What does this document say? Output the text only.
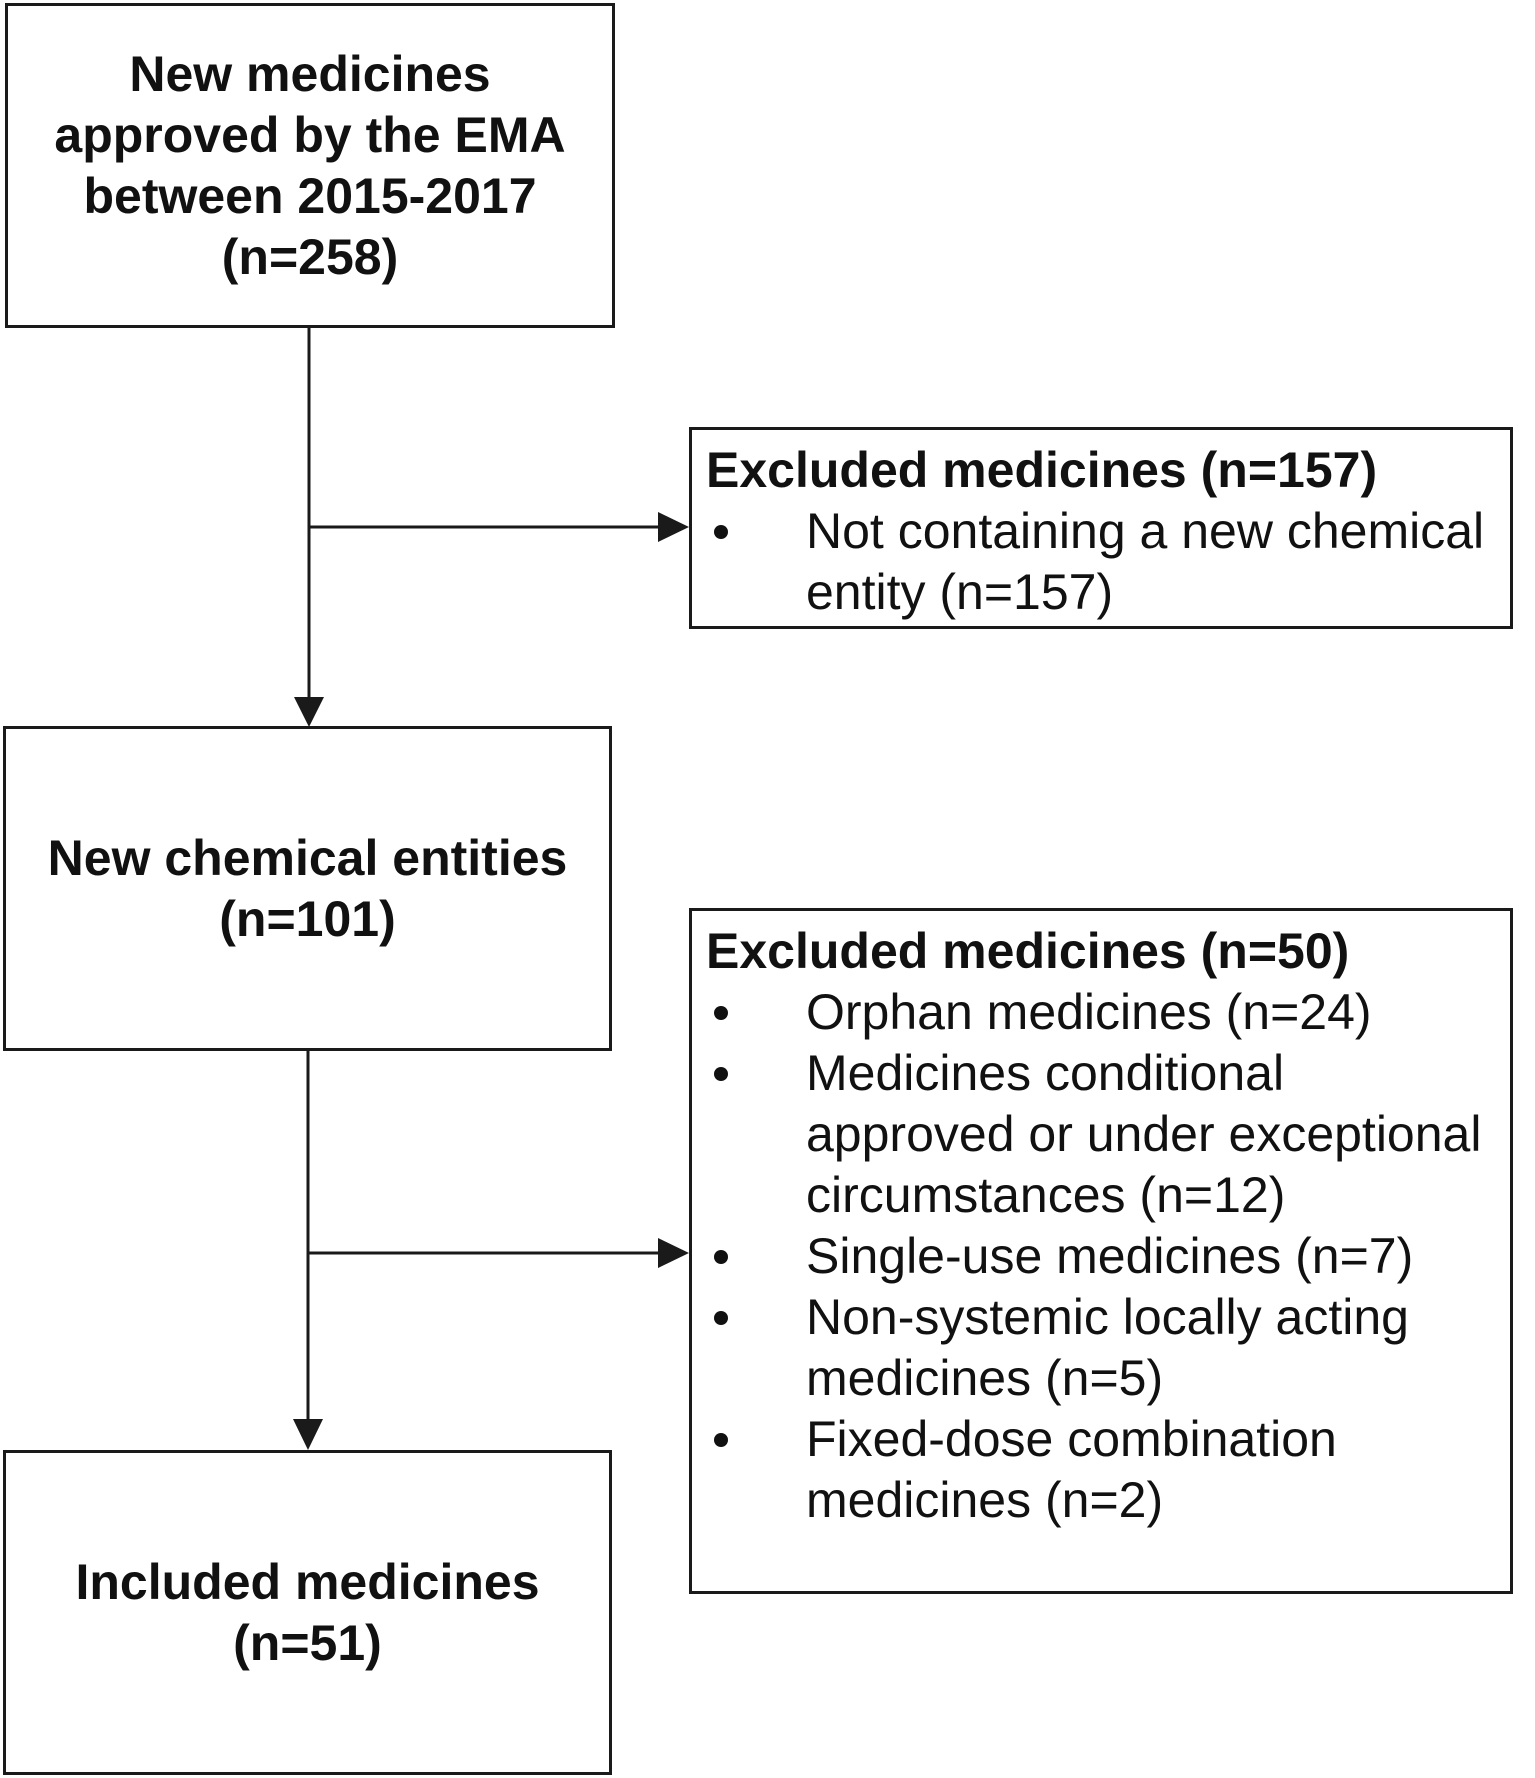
New medicines
approved by the EMA
between 2015-2017
(n=258)
Excluded medicines (n=157)
Not containing a new chemical
entity (n=157)
New chemical entities
(n=101)
Excluded medicines (n=50)
Orphan medicines (n=24)
Medicines conditional
approved or under exceptional
circumstances (n=12)
Single-use medicines (n=7)
Non-systemic locally acting
medicines (n=5)
Fixed-dose combination
medicines (n=2)
Included medicines
(n=51)
